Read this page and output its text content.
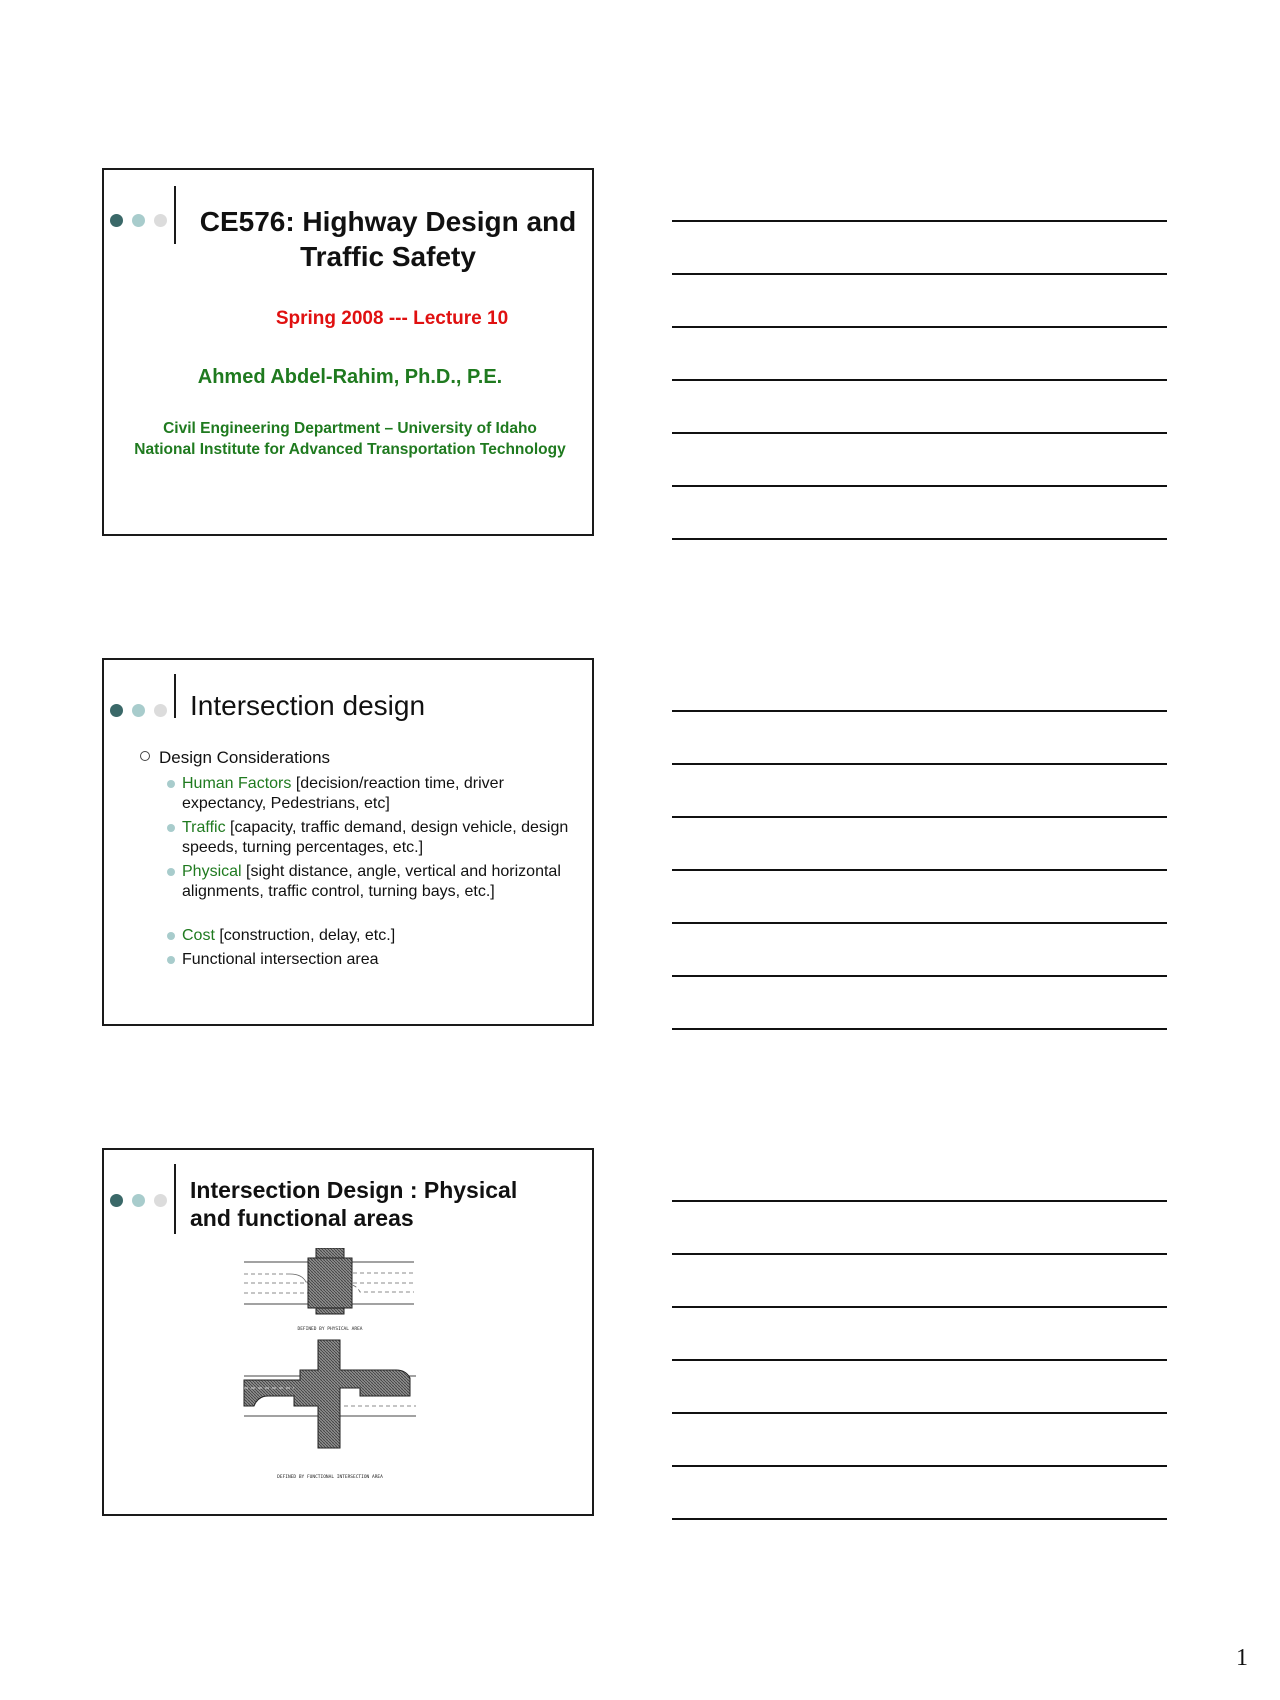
CE576: Highway Design and Traffic Safety
Spring 2008 --- Lecture 10
Ahmed Abdel-Rahim, Ph.D., P.E.
Civil Engineering Department – University of Idaho
National Institute for Advanced Transportation Technology
Intersection design
Design Considerations
Human Factors [decision/reaction time, driver expectancy, Pedestrians, etc]
Traffic [capacity, traffic demand, design vehicle, design speeds, turning percentages, etc.]
Physical [sight distance, angle, vertical and horizontal alignments, traffic control, turning bays, etc.]
Cost [construction, delay, etc.]
Functional intersection area
Intersection Design : Physical and functional areas
DEFINED BY PHYSICAL AREA
DEFINED BY FUNCTIONAL INTERSECTION AREA
1
